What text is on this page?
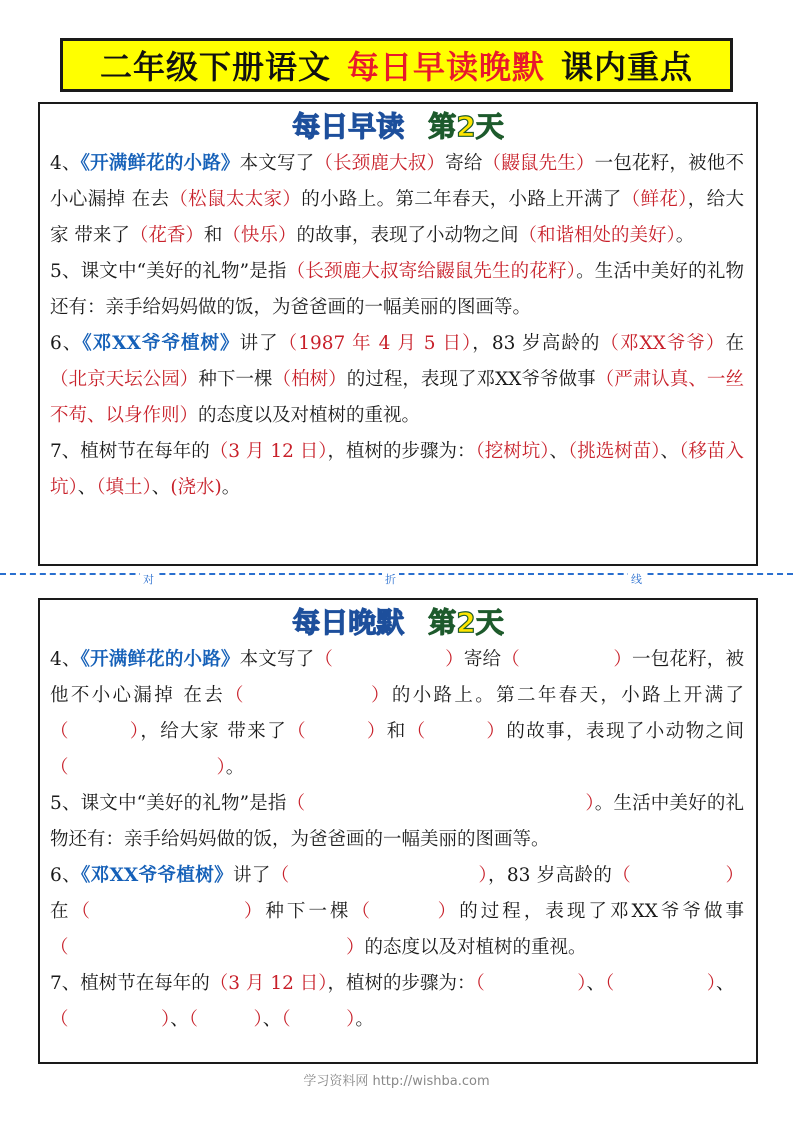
二年级下册语文 每日早读晚默 课内重点
每日早读 第2天

4、《开满鲜花的小路》本文写了（长颈鹿大叔）寄给（鼹鼠先生）一包花籽，被他不小心漏掉 在去（松鼠太太家）的小路上。第二年春天，小路上开满了（鲜花），给大家 带来了（花香）和（快乐）的故事，表现了小动物之间（和谐相处的美好）。

5、课文中“美好的礼物”是指（长颈鹿大叔寄给鼹鼠先生的花籽）。生活中美好的礼物还有：亲手给妈妈做的饭，为爸爸画的一幅美丽的图画等。

6、《邓XX爷爷植树》讲了（1987 年 4 月 5 日），83 岁高龄的（邓XX爷爷）在（北京天坛公园）种下一棵（柏树）的过程，表现了邓XX爷爷做事（严肃认真、一丝不苟、以身作则）的态度以及对植树的重视。

7、植树节在每年的（3 月 12 日），植树的步骤为：（挖树坑）、（挑选树苗）、（移苗入坑）、（填土）、(浇水)。

对	折	线
每日晚默 第2天

4、《开满鲜花的小路》本文写了（　　　　　　）寄给（　　　　　）一包花籽，被他不小心漏掉 在去（　　　　　　）的小路上。第二年春天，小路上开满了（　　　），给大家 带来了（　　　）和（　　　）的故事，表现了小动物之间（　　　　　　　　）。

5、课文中“美好的礼物”是指（　　　　　　　　　　　　　　　）。生活中美好的礼物还有：亲手给妈妈做的饭，为爸爸画的一幅美丽的图画等。

6、《邓XX爷爷植树》讲了（　　　　　　　　　　），83 岁高龄的（　　　　　）在（　　　　　　　）种下一棵（　　　）的过程，表现了邓XX爷爷做事（　　　　　　　　　　　　　　　）的态度以及对植树的重视。

7、植树节在每年的（3 月 12 日），植树的步骤为：（　　　　　）、（　　　　　）、（　　　　　）、（　　　）、（　　　）。

学习资料网 http://wishba.com
